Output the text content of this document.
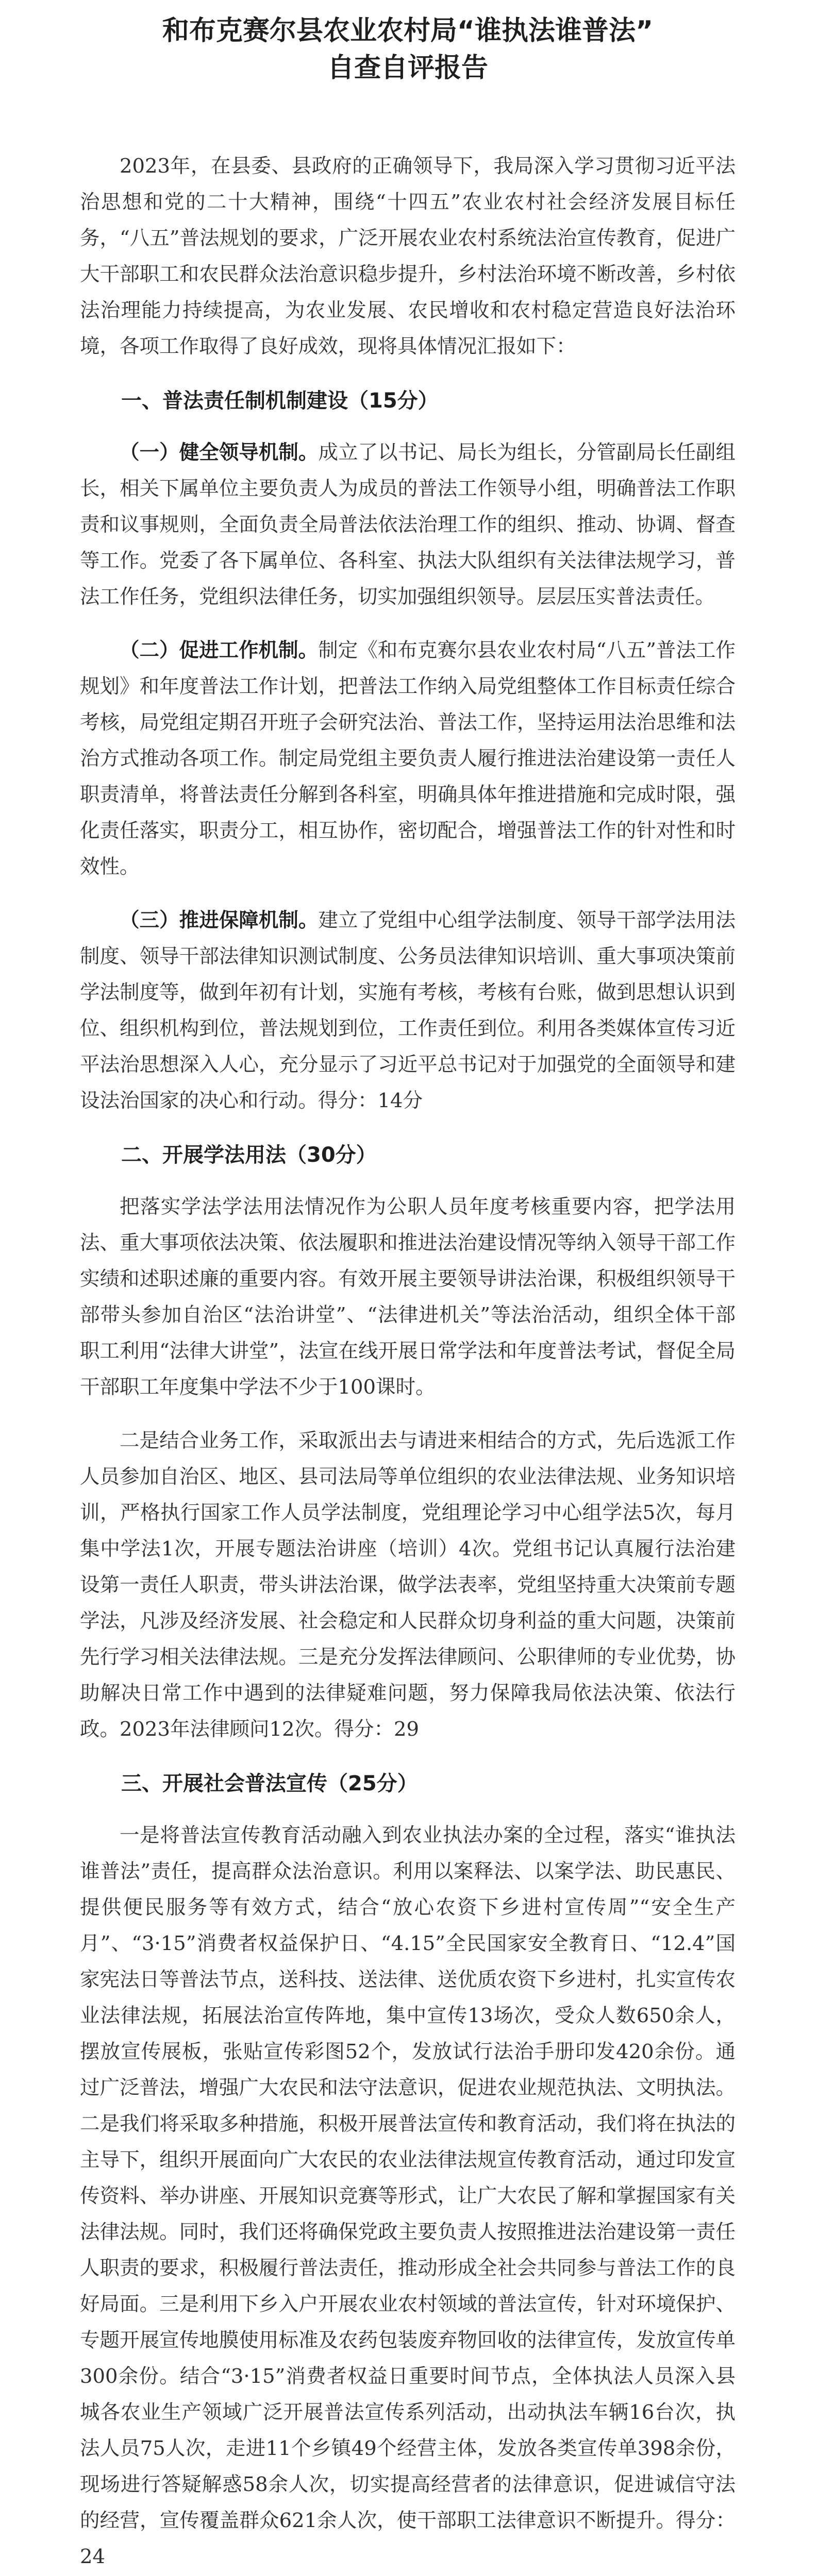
和布克赛尔县农业农村局“谁执法谁普法”
自查自评报告

2023年，在县委、县政府的正确领导下，我局深入学习贯彻习近平法治思想和党的二十大精神，围绕“十四五”农业农村社会经济发展目标任务，“八五”普法规划的要求，广泛开展农业农村系统法治宣传教育，促进广大干部职工和农民群众法治意识稳步提升，乡村法治环境不断改善，乡村依法治理能力持续提高，为农业发展、农民增收和农村稳定营造良好法治环境，各项工作取得了良好成效，现将具体情况汇报如下：

一、普法责任制机制建设（15分）

（一）健全领导机制。成立了以书记、局长为组长，分管副局长任副组长，相关下属单位主要负责人为成员的普法工作领导小组，明确普法工作职责和议事规则，全面负责全局普法依法治理工作的组织、推动、协调、督查等工作。党委了各下属单位、各科室、执法大队组织有关法律法规学习，普法工作任务，党组织法律任务，切实加强组织领导。层层压实普法责任。

（二）促进工作机制。制定《和布克赛尔县农业农村局“八五”普法工作规划》和年度普法工作计划，把普法工作纳入局党组整体工作目标责任综合考核，局党组定期召开班子会研究法治、普法工作，坚持运用法治思维和法治方式推动各项工作。制定局党组主要负责人履行推进法治建设第一责任人职责清单，将普法责任分解到各科室，明确具体年推进措施和完成时限，强化责任落实，职责分工，相互协作，密切配合，增强普法工作的针对性和时效性。

（三）推进保障机制。建立了党组中心组学法制度、领导干部学法用法制度、领导干部法律知识测试制度、公务员法律知识培训、重大事项决策前学法制度等，做到年初有计划，实施有考核，考核有台账，做到思想认识到位、组织机构到位，普法规划到位，工作责任到位。利用各类媒体宣传习近平法治思想深入人心，充分显示了习近平总书记对于加强党的全面领导和建设法治国家的决心和行动。得分：14分

二、开展学法用法（30分）

把落实学法学法用法情况作为公职人员年度考核重要内容，把学法用法、重大事项依法决策、依法履职和推进法治建设情况等纳入领导干部工作实绩和述职述廉的重要内容。有效开展主要领导讲法治课，积极组织领导干部带头参加自治区“法治讲堂”、“法律进机关”等法治活动，组织全体干部职工利用“法律大讲堂”，法宣在线开展日常学法和年度普法考试，督促全局干部职工年度集中学法不少于100课时。

二是结合业务工作，采取派出去与请进来相结合的方式，先后选派工作人员参加自治区、地区、县司法局等单位组织的农业法律法规、业务知识培训，严格执行国家工作人员学法制度，党组理论学习中心组学法5次，每月集中学法1次，开展专题法治讲座（培训）4次。党组书记认真履行法治建设第一责任人职责，带头讲法治课，做学法表率，党组坚持重大决策前专题学法，凡涉及经济发展、社会稳定和人民群众切身利益的重大问题，决策前先行学习相关法律法规。三是充分发挥法律顾问、公职律师的专业优势，协助解决日常工作中遇到的法律疑难问题，努力保障我局依法决策、依法行政。2023年法律顾问12次。得分：29

三、开展社会普法宣传（25分）

一是将普法宣传教育活动融入到农业执法办案的全过程，落实“谁执法谁普法”责任，提高群众法治意识。利用以案释法、以案学法、助民惠民、提供便民服务等有效方式，结合“放心农资下乡进村宣传周”“安全生产月”、“3·15”消费者权益保护日、“4.15”全民国家安全教育日、“12.4”国家宪法日等普法节点，送科技、送法律、送优质农资下乡进村，扎实宣传农业法律法规，拓展法治宣传阵地，集中宣传13场次，受众人数650余人，摆放宣传展板，张贴宣传彩图52个，发放试行法治手册印发420余份。通过广泛普法，增强广大农民和法守法意识，促进农业规范执法、文明执法。二是我们将采取多种措施，积极开展普法宣传和教育活动，我们将在执法的主导下，组织开展面向广大农民的农业法律法规宣传教育活动，通过印发宣传资料、举办讲座、开展知识竞赛等形式，让广大农民了解和掌握国家有关法律法规。同时，我们还将确保党政主要负责人按照推进法治建设第一责任人职责的要求，积极履行普法责任，推动形成全社会共同参与普法工作的良好局面。三是利用下乡入户开展农业农村领域的普法宣传，针对环境保护、专题开展宣传地膜使用标准及农药包装废弃物回收的法律宣传，发放宣传单300余份。结合“3·15”消费者权益日重要时间节点，全体执法人员深入县城各农业生产领域广泛开展普法宣传系列活动，出动执法车辆16台次，执法人员75人次，走进11个乡镇49个经营主体，发放各类宣传单398余份，现场进行答疑解惑58余人次，切实提高经营者的法律意识，促进诚信守法的经营，宣传覆盖群众621余人次，使干部职工法律意识不断提升。得分：24
